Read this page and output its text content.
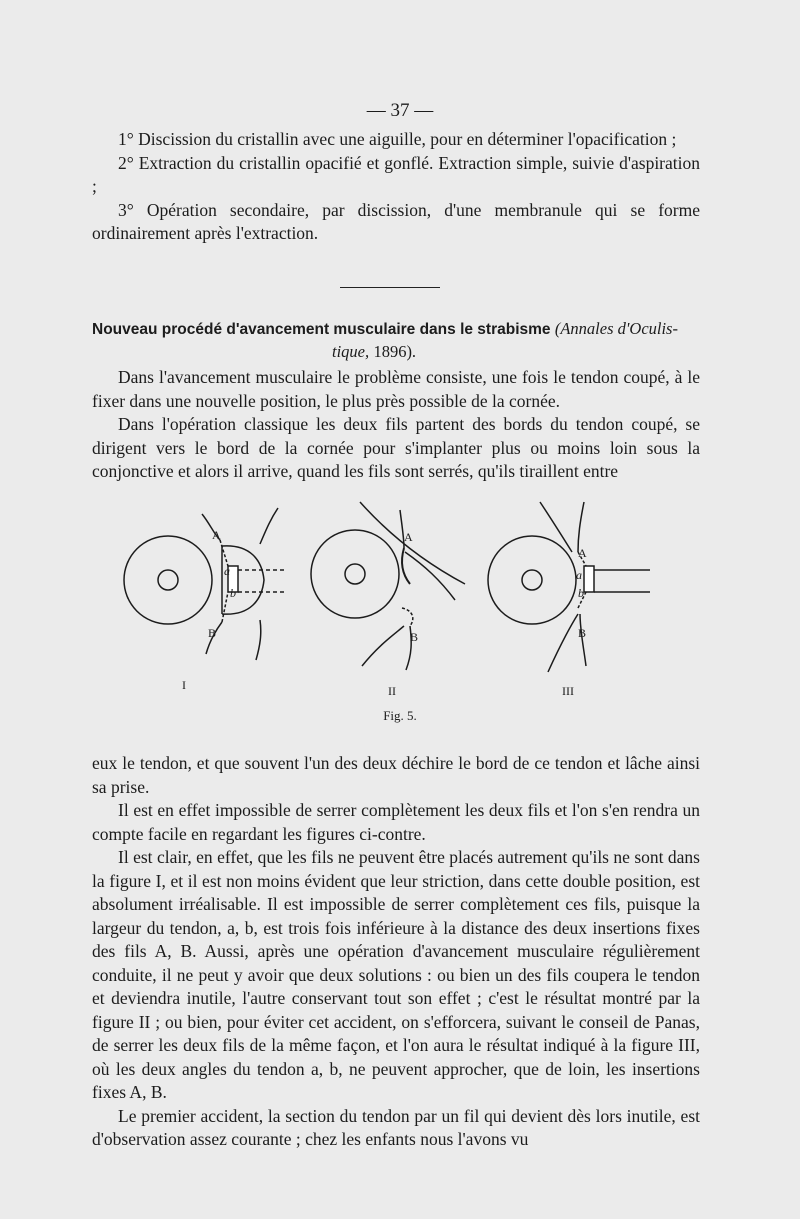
— 37 —

1° Discission du cristallin avec une aiguille, pour en déterminer l'opacification ;

2° Extraction du cristallin opacifié et gonflé. Extraction simple, suivie d'aspiration ;

3° Opération secondaire, par discission, d'une membranule qui se forme ordinairement après l'extraction.

Nouveau procédé d'avancement musculaire dans le strabisme (Annales d'Oculis-
tique, 1896).

Dans l'avancement musculaire le problème consiste, une fois le tendon coupé, à le fixer dans une nouvelle position, le plus près possible de la cornée.

Dans l'opération classique les deux fils partent des bords du tendon coupé, se dirigent vers le bord de la cornée pour s'implanter plus ou moins loin sous la conjonctive et alors il arrive, quand les fils sont serrés, qu'ils tiraillent entre

A
a
b
B
I
A
B
II
A
a
b
B
III
Fig. 5.

eux le tendon, et que souvent l'un des deux déchire le bord de ce tendon et lâche ainsi sa prise.

Il est en effet impossible de serrer complètement les deux fils et l'on s'en rendra un compte facile en regardant les figures ci-contre.

Il est clair, en effet, que les fils ne peuvent être placés autrement qu'ils ne sont dans la figure I, et il est non moins évident que leur striction, dans cette double position, est absolument irréalisable. Il est impossible de serrer complètement ces fils, puisque la largeur du tendon, a, b, est trois fois inférieure à la distance des deux insertions fixes des fils A, B. Aussi, après une opération d'avancement musculaire régulièrement conduite, il ne peut y avoir que deux solutions : ou bien un des fils coupera le tendon et deviendra inutile, l'autre conservant tout son effet ; c'est le résultat montré par la figure II ; ou bien, pour éviter cet accident, on s'efforcera, suivant le conseil de Panas, de serrer les deux fils de la même façon, et l'on aura le résultat indiqué à la figure III, où les deux angles du tendon a, b, ne peuvent approcher, que de loin, les insertions fixes A, B.

Le premier accident, la section du tendon par un fil qui devient dès lors inutile, est d'observation assez courante ; chez les enfants nous l'avons vu
